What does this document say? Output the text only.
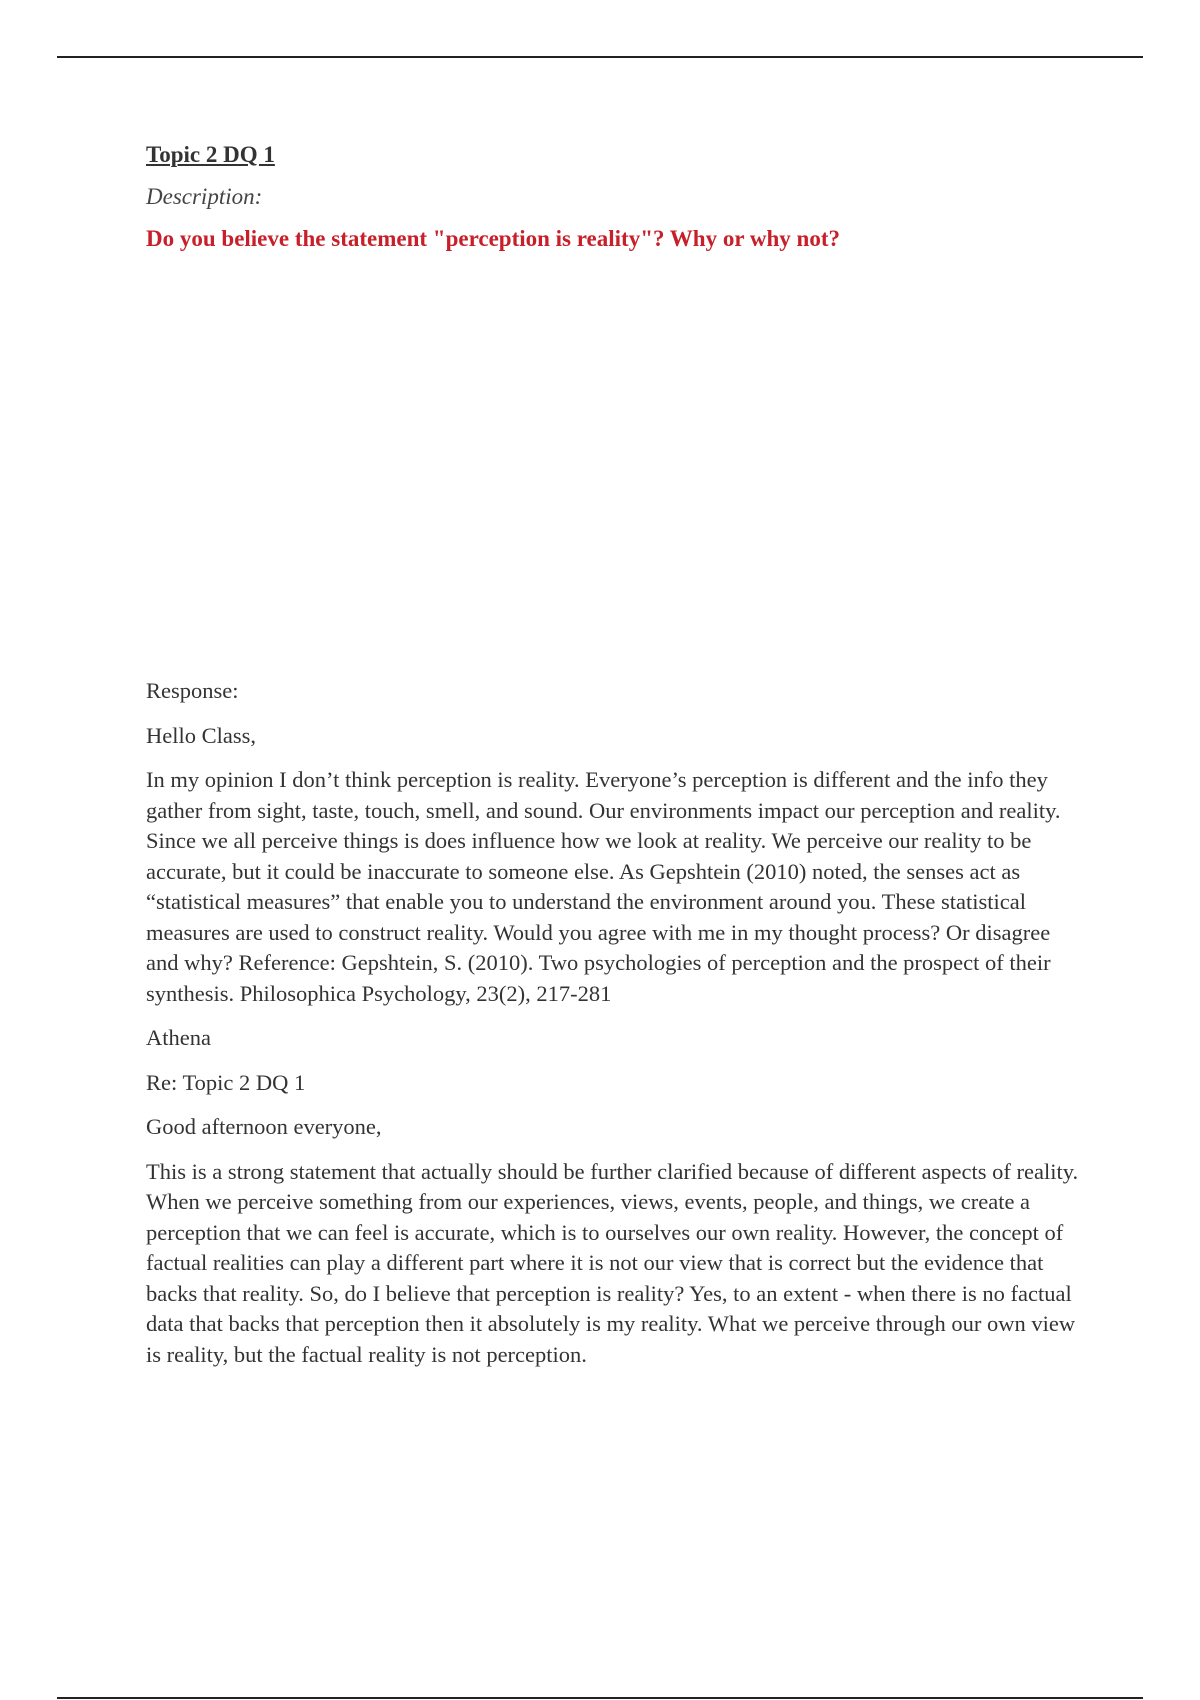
Topic 2 DQ 1
Description:
Do you believe the statement "perception is reality"? Why or why not?

Response:

Hello Class,

In my opinion I don’t think perception is reality. Everyone’s perception is different and the info they gather from sight, taste, touch, smell, and sound. Our environments impact our perception and reality. Since we all perceive things is does influence how we look at reality. We perceive our reality to be accurate, but it could be inaccurate to someone else. As Gepshtein (2010) noted, the senses act as “statistical measures” that enable you to understand the environment around you. These statistical measures are used to construct reality. Would you agree with me in my thought process? Or disagree and why? Reference: Gepshtein, S. (2010). Two psychologies of perception and the prospect of their synthesis. Philosophica Psychology, 23(2), 217-281

Athena

Re: Topic 2 DQ 1

Good afternoon everyone,

This is a strong statement that actually should be further clarified because of different aspects of reality. When we perceive something from our experiences, views, events, people, and things, we create a perception that we can feel is accurate, which is to ourselves our own reality. However, the concept of factual realities can play a different part where it is not our view that is correct but the evidence that backs that reality. So, do I believe that perception is reality? Yes, to an extent - when there is no factual data that backs that perception then it absolutely is my reality. What we perceive through our own view is reality, but the factual reality is not perception.
